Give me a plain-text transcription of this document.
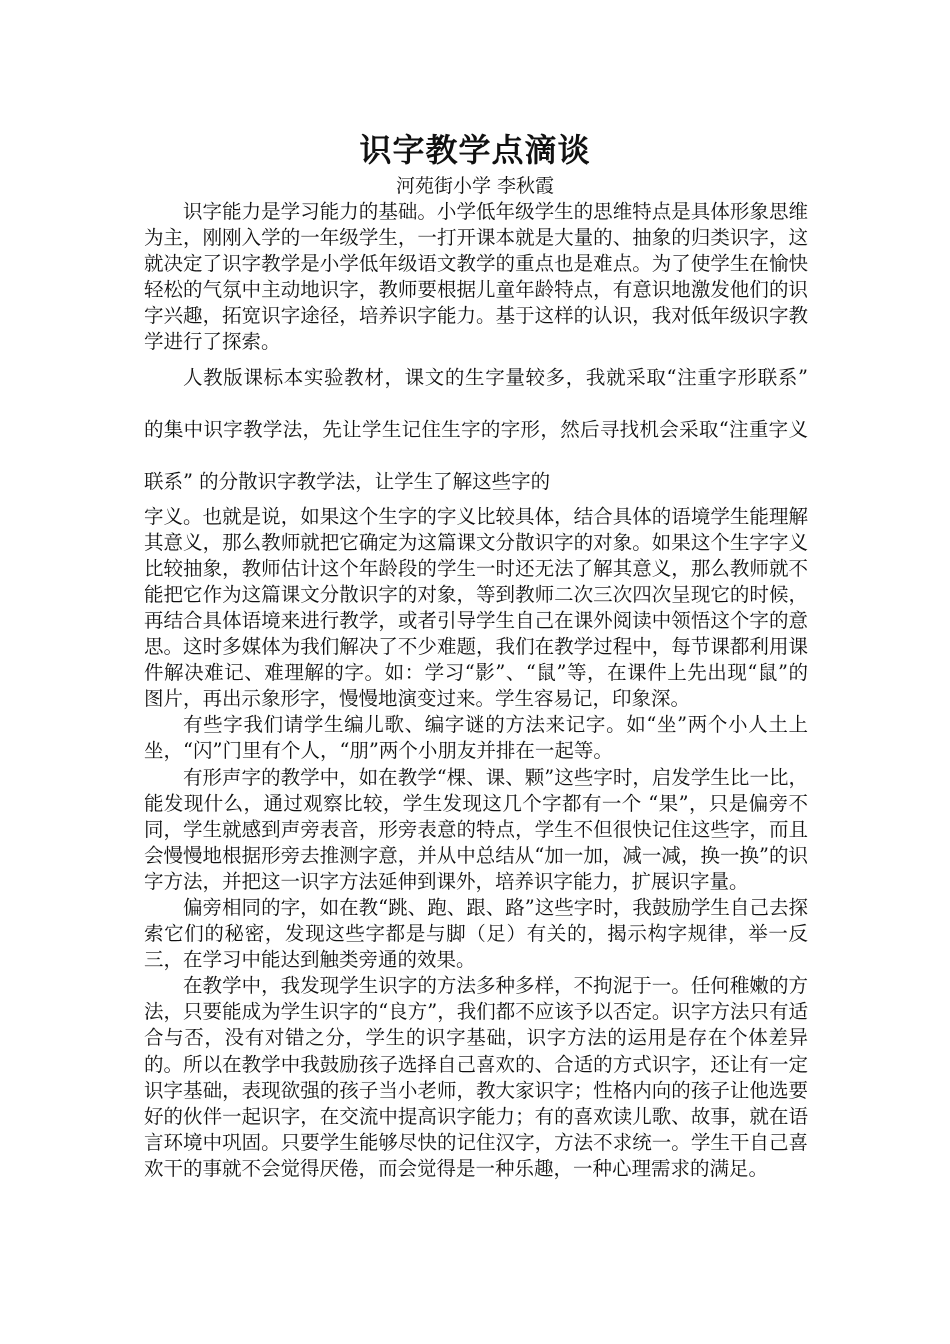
识字教学点滴谈

河苑街小学 李秋霞

识字能力是学习能力的基础。小学低年级学生的思维特点是具体形象思维为主，刚刚入学的一年级学生，一打开课本就是大量的、抽象的归类识字，这就决定了识字教学是小学低年级语文教学的重点也是难点。为了使学生在愉快轻松的气氛中主动地识字，教师要根据儿童年龄特点，有意识地激发他们的识字兴趣，拓宽识字途径，培养识字能力。基于这样的认识，我对低年级识字教学进行了探索。

人教版课标本实验教材，课文的生字量较多，我就采取“注重字形联系” 的集中识字教学法，先让学生记住生字的字形，然后寻找机会采取“注重字义联系” 的分散识字教学法，让学生了解这些字的

字义。也就是说，如果这个生字的字义比较具体，结合具体的语境学生能理解其意义，那么教师就把它确定为这篇课文分散识字的对象。如果这个生字字义比较抽象，教师估计这个年龄段的学生一时还无法了解其意义，那么教师就不能把它作为这篇课文分散识字的对象，等到教师二次三次四次呈现它的时候，再结合具体语境来进行教学，或者引导学生自己在课外阅读中领悟这个字的意思。这时多媒体为我们解决了不少难题，我们在教学过程中，每节课都利用课件解决难记、难理解的字。如：学习“影”、“鼠”等，在课件上先出现“鼠”的图片，再出示象形字，慢慢地演变过来。学生容易记，印象深。

有些字我们请学生编儿歌、编字谜的方法来记字。如“坐”两个小人土上坐，“闪”门里有个人，“朋”两个小朋友并排在一起等。

有形声字的教学中，如在教学“棵、课、颗”这些字时，启发学生比一比，能发现什么，通过观察比较，学生发现这几个字都有一个 “果”，只是偏旁不同，学生就感到声旁表音，形旁表意的特点，学生不但很快记住这些字，而且会慢慢地根据形旁去推测字意，并从中总结从“加一加，减一减，换一换”的识字方法，并把这一识字方法延伸到课外，培养识字能力，扩展识字量。

偏旁相同的字，如在教“跳、跑、跟、路”这些字时，我鼓励学生自己去探索它们的秘密，发现这些字都是与脚（足）有关的，揭示构字规律，举一反三，在学习中能达到触类旁通的效果。

在教学中，我发现学生识字的方法多种多样，不拘泥于一。任何稚嫩的方法，只要能成为学生识字的“良方”，我们都不应该予以否定。识字方法只有适合与否，没有对错之分，学生的识字基础，识字方法的运用是存在个体差异的。所以在教学中我鼓励孩子选择自己喜欢的、合适的方式识字，还让有一定识字基础，表现欲强的孩子当小老师，教大家识字；性格内向的孩子让他选要好的伙伴一起识字，在交流中提高识字能力；有的喜欢读儿歌、故事，就在语言环境中巩固。只要学生能够尽快的记住汉字，方法不求统一。学生干自己喜欢干的事就不会觉得厌倦，而会觉得是一种乐趣，一种心理需求的满足。
